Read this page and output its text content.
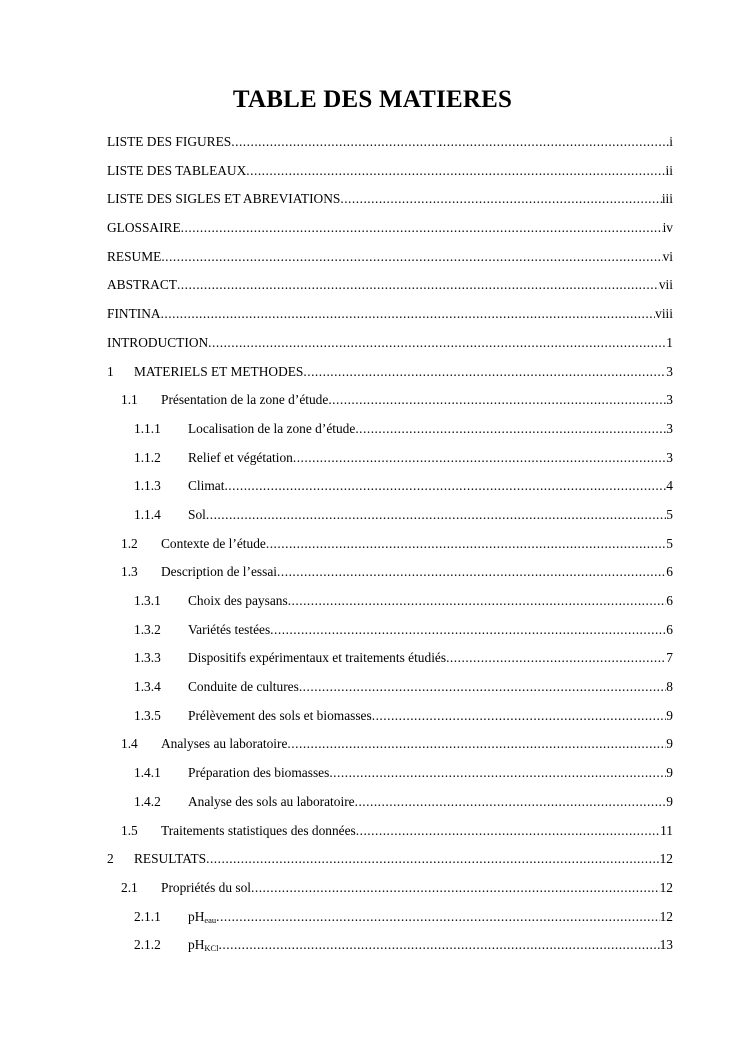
TABLE DES MATIERES
LISTE DES FIGURES .....	i
LISTE DES TABLEAUX .....	ii
LISTE DES SIGLES ET ABREVIATIONS .....	iii
GLOSSAIRE .....	iv
RESUME .....	vi
ABSTRACT .....	vii
FINTINA .....	viii
INTRODUCTION .....	1
1	MATERIELS ET METHODES .....	3
1.1	Présentation de la zone d’étude .....	3
1.1.1	Localisation de la zone d’étude .....	3
1.1.2	Relief et végétation .....	3
1.1.3	Climat .....	4
1.1.4	Sol .....	5
1.2	Contexte de l’étude .....	5
1.3	Description de l’essai .....	6
1.3.1	Choix des paysans .....	6
1.3.2	Variétés testées .....	6
1.3.3	Dispositifs expérimentaux et traitements étudiés .....	7
1.3.4	Conduite de cultures .....	8
1.3.5	Prélèvement des sols et biomasses .....	9
1.4	Analyses au laboratoire .....	9
1.4.1	Préparation des biomasses .....	9
1.4.2	Analyse des sols au laboratoire .....	9
1.5	Traitements statistiques des données .....	11
2	RESULTATS .....	12
2.1	Propriétés du sol .....	12
2.1.1	$pH_{eau}$ .....	12
2.1.2	$pH_{KCl}$ .....	13
